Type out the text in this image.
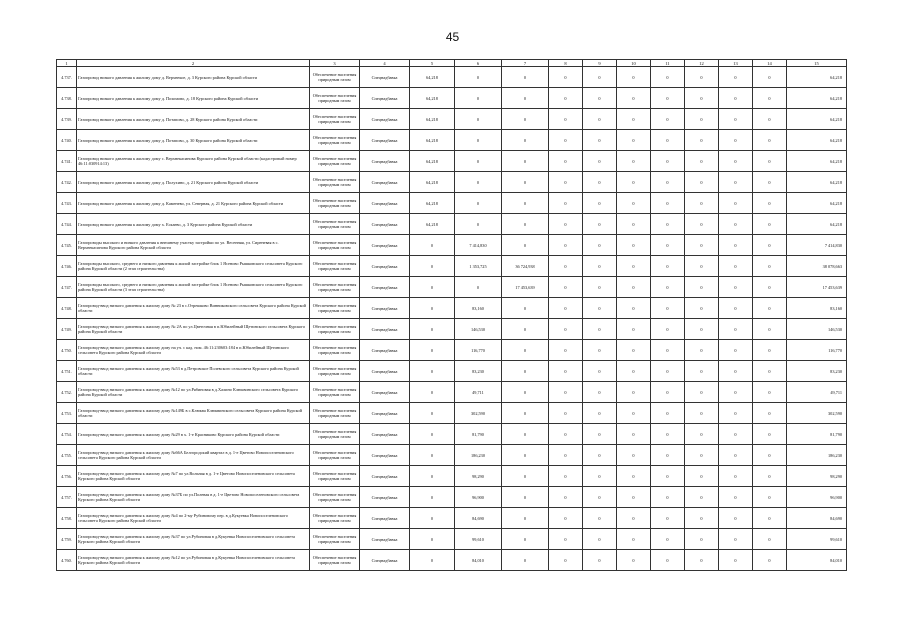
45
1	2	3	4	5	6	7	8	9	10	11	12	13	14	15
4.737.	Газопровод низкого давления к жилому дому д. Верхнекое, д. 3 Курского района Курской области	Обеспечение населения природным газом	Спецнадбавка	64,218	0	0	0	0	0	0	0	0	0	64,218
4.738.	Газопровод низкого давления к жилому дому д. Похомово, д. 18 Курского района Курской области	Обеспечение населения природным газом	Спецнадбавка	64,218	0	0	0	0	0	0	0	0	0	64,218
4.739.	Газопровод низкого давления к жилому дому д. Потапово, д. 28 Курского района Курской области	Обеспечение населения природным газом	Спецнадбавка	64,218	0	0	0	0	0	0	0	0	0	64,218
4.740.	Газопровод низкого давления к жилому дому д. Потапово, д. 30 Курского района Курской области	Обеспечение населения природным газом	Спецнадбавка	64,218	0	0	0	0	0	0	0	0	0	64,218
4.741.	Газопровод низкого давления к жилому дому с. Верхнекасинова Курского района Курской области (кадастровый номер 46:11:030914:13)	Обеспечение населения природным газом	Спецнадбавка	64,218	0	0	0	0	0	0	0	0	0	64,218
4.742.	Газопровод низкого давления к жилому дому д. Полухино, д. 21 Курского района Курской области	Обеспечение населения природным газом	Спецнадбавка	64,218	0	0	0	0	0	0	0	0	0	64,218
4.743.	Газопровод низкого давления к жилому дому д. Каменево, ул. Северная, д. 21 Курского района Курской области	Обеспечение населения природным газом	Спецнадбавка	64,218	0	0	0	0	0	0	0	0	0	64,218
4.744.	Газопровод низкого давления к жилому дому х. Ескаево, д. 3 Курского района Курской области	Обеспечение населения природным газом	Спецнадбавка	64,218	0	0	0	0	0	0	0	0	0	64,218
4.745.	Газопроводы высокого и низкого давления к внешнему участку застройки по ул. Весенняя, ул. Сиреневая в с. Верхнекасинова Курского района Курской области	Обеспечение населения природным газом	Спецнадбавка	0	7 414,830	0	0	0	0	0	0	0	0	7 414,830
4.746.	Газопроводы высокого, среднего и низкого давления к жилой застройке блок 1 Ясеново Рышковского сельсовета Курского района Курской области (2 этап строительства)	Обеспечение населения природным газом	Спецнадбавка	0	1 353,725	36 724,938	0	0	0	0	0	0	0	38 078,663
4.747.	Газопроводы высокого, среднего и низкого давления к жилой застройке блок 1 Ясеново Рышковского сельсовета Курского района Курской области (3 этап строительства)	Обеспечение населения природным газом	Спецнадбавка	0	0	17 453,639	0	0	0	0	0	0	0	17 453,639
4.748.	Газопровод-ввод низкого давления к жилому дому № 23 в с.Отрешково Винниковского сельсовета Курского района Курской области	Обеспечение населения природным газом	Спецнадбавка	0	83,160	0	0	0	0	0	0	0	0	83,160
4.749.	Газопровод-ввод низкого давления к жилому дому № 2А по ул.Цветочная в п.Юбилейный Щетинского сельсовета Курского района Курской области	Обеспечение населения природным газом	Спецнадбавка	0	146,530	0	0	0	0	0	0	0	0	146,530
4.750.	Газопровод-ввод низкого давления к жилому дому на уч. с кад. ном. 46:11:230603:184 в п.Юбилейный Щетинского сельсовета Курского района Курской области	Обеспечение населения природным газом	Спецнадбавка	0	116,770	0	0	0	0	0	0	0	0	116,770
4.751.	Газопровод-ввод низкого давления к жилому дому №53 в д.Петровское Полевского сельсовета Курского района Курской области	Обеспечение населения природным газом	Спецнадбавка	0	83,230	0	0	0	0	0	0	0	0	83,230
4.752.	Газопровод-ввод низкого давления к жилому дому №12 по ул.Рябиновая в д.Халино Клюквинского сельсовета Курского района Курской области	Обеспечение населения природным газом	Спецнадбавка	0	49,711	0	0	0	0	0	0	0	0	49,711
4.753.	Газопровод-ввод низкого давления к жилому дому №149Б в с.Клюква Клюквинского сельсовета Курского района Курской области	Обеспечение населения природным газом	Спецнадбавка	0	302,590	0	0	0	0	0	0	0	0	302,590
4.754.	Газопровод-ввод низкого давления к жилому дому №29 в х. 1-е Красниково Курского района Курской области	Обеспечение населения природным газом	Спецнадбавка	0	81,790	0	0	0	0	0	0	0	0	81,790
4.755.	Газопровод-ввод низкого давления к жилому дому №66А Белгородский квартал в д. 1-е Цветово Новопоселеновского сельсовета Курского района Курской области	Обеспечение населения природным газом	Спецнадбавка	0	186,230	0	0	0	0	0	0	0	0	186,230
4.756.	Газопровод-ввод низкого давления к жилому дому №7 по ул.Вольная в д. 1-е Цветово Новопоселеновского сельсовета Курского района Курской области	Обеспечение населения природным газом	Спецнадбавка	0	98,290	0	0	0	0	0	0	0	0	98,290
4.757.	Газопровод-ввод низкого давления к жилому дому №37Б по ул.Полевая в д. 1-е Цветово Новопоселеновского сельсовета Курского района Курской области	Обеспечение населения природным газом	Спецнадбавка	0	96,900	0	0	0	0	0	0	0	0	96,900
4.758.	Газопровод-ввод низкого давления к жилому дому №4 по 2-му Рубиновому пер. в д.Кукуевка Новопоселеновского сельсовета Курского района Курской области	Обеспечение населения природным газом	Спецнадбавка	0	84,690	0	0	0	0	0	0	0	0	84,690
4.759.	Газопровод-ввод низкого давления к жилому дому №37 по ул.Рубиновая в д.Кукуевка Новопоселеновского сельсовета Курского района Курской области	Обеспечение населения природным газом	Спецнадбавка	0	99,610	0	0	0	0	0	0	0	0	99,610
4.760.	Газопровод-ввод низкого давления к жилому дому №12 по ул.Рубиновая в д.Кукуевка Новопоселеновского сельсовета Курского района Курской области	Обеспечение населения природным газом	Спецнадбавка	0	84,010	0	0	0	0	0	0	0	0	84,010
